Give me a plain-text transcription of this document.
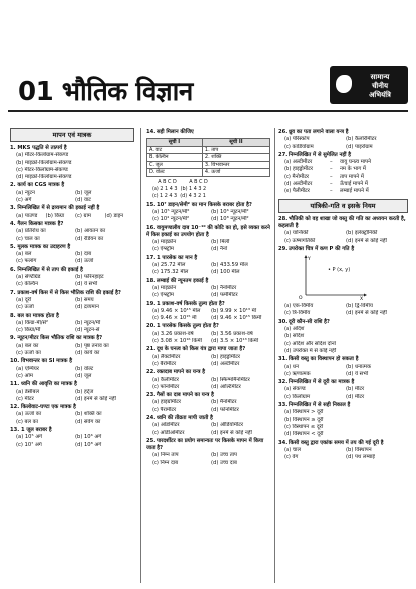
01 भौतिक विज्ञान	सामान्य
चीनीय
अभियंत्रि
मापन एवं मात्रक
1. MKS पद्धति से तात्पर्य है
(a) मीटर-किलोग्राम-सेकण्ड
(b) माइक्रो-किलोग्राम-सेकण्ड
(c) मीटर-किलोग्राम-सेकण्ड
(d) माइक्रो-किलोग्राम-सेकण्ड
2. कार्य का CGS मात्रक है
(a) न्यूटन	(b) जूल
(c) अर्ग	(d) वाट
3. निम्नलिखित में से द्रव्यमान की इकाई नहीं है
(a) पाउण्ड	(b) किग्रा	(c) ग्राम	(d) डाइन
4. गैलन किसका मात्रक है?
(a) प्रतिरोध का	(b) आयतन का
(c) चाल का	(d) रेडियन का
5. मूलक मात्रक का उदाहरण है
(a) बल	(b) दाब
(c) फलांग	(d) ऊर्जा
6. निम्नलिखित में से ताप की इकाई है
(a) सेण्टीग्रेड	(b) फॉरेनहाइट
(c) केल्विन	(d) ये सभी
7. प्रकाश-वर्ष किस में से किस भौतिक राशि की इकाई है?
(a) दूरी	(b) समय
(c) ऊर्जा	(d) द्रव्यमान
8. बल का मात्रक होता है
(a) किग्रा-मी/से²	(b) न्यूटन/मी
(c) किग्रा/मी	(d) न्यूटन-से
9. न्यूटन/मीटर किस भौतिक राशि का मात्रक है?
(a) बल का	(b) पृष्ठ तनाव का
(c) ऊर्जा का	(d) कार्य का
10. विभवान्तर का SI मात्रक है
(a) एम्पियर	(b) वोल्ट
(c) ओम	(d) जूल
11. ध्वनि की आवृत्ति का मात्रक है
(a) डेसीबल	(b) हर्ट्ज
(c) मीटर	(d) इनमें से कोई नहीं
12. किलोवाट-घण्टा एक मात्रक है
(a) ऊर्जा का	(b) शक्ति का
(c) बल का	(d) संवेग का
13. 1 जूल बराबर है
(a) 10⁵ अर्ग	(b) 10⁶ अर्ग
(c) 10⁷ अर्ग	(d) 10⁸ अर्ग
14. सही मिलान कीजिए
सूची I	सूची II
A. वाट	1. ताप
B. केल्विन	2. शक्ति
C. जूल	3. विभवान्तर
D. वोल्ट	4. ऊर्जा
A B C D        A B C D
(a) 2 1 4 3  (b) 1 4 3 2
(c) 1 2 4 3  (d) 4 3 2 1
15. 10⁷ डाइन/सेमी² का मान किसके बराबर होता है?
(a) 10⁵ न्यूटन/मी²	(b) 10⁶ न्यूटन/मी²
(c) 10⁴ न्यूटन/मी²	(d) 10⁸ न्यूटन/मी²
16. वायुमण्डलीय दाब 10⁻¹⁰ की कोटि का हो, इसे व्यक्त करने में किस इकाई का उपयोग होता है
(a) माइक्रॉन	(b) मिली
(c) ऐंग्स्ट्रॉम	(d) नैनो
17. 1 पारसेक का मान है
(a) 25.72 मील	(b) 433.59 मील
(c) 175.32 मील	(d) 100 मील
18. लम्बाई की न्यूनतम इकाई है
(a) माइक्रोन	(b) नैनोमीटर
(c) ऐंग्स्ट्रॉम	(d) फर्मीमीटर
19. 1 प्रकाश-वर्ष किसके तुल्य होता है?
(a) 9.46 × 10¹⁵ मील	(b) 9.99 × 10¹³ मी
(c) 9.46 × 10¹⁵ मी	(d) 9.46 × 10¹⁵ किमी
20. 1 पारसेक किसके तुल्य होता है?
(a) 3.26 प्रकाश-वर्ष	(b) 3.56 प्रकाश-वर्ष
(c) 3.08 × 10¹⁶ किमी	(d) 3.5 × 10¹³ किमी
21. दूध के घनत्व को किस यंत्र द्वारा मापा जाता है?
(a) लैक्टोमीटर	(b) हाइड्रोमीटर
(c) बैरोमीटर	(d) अल्टीमीटर
22. रक्तदाब मापने का यन्त्र है
(a) कैलीमीटर	(b) स्फिग्मोमैनोमीटर
(c) फोनोमीटर	(d) आल्टिमीटर
23. गैसों का दाब मापने का यन्त्र है
(a) हाइग्रोमीटर	(b) मैनोमीटर
(c) पैरामीटर	(d) फोनोमीटर
24. ध्वनि की तीव्रता मापी जाती है
(a) ओडोमीटर	(b) ऑडियोमीटर
(c) ओडीओमीटर	(d) इनमें से कोई नहीं
25. पारदर्शीटर का प्रयोग समान्यतः पर किसके मापन में किया जाता है?
(a) निम्न ताप	(b) उच्च ताप
(c) निम्न दाब	(d) उच्च दाब
26. ध्रुव का पता लगाने वाला यन्त्र है
(a) पेरिस्कोप	(b) कैलोरीमीटर
(c) कार्डियोग्राम	(d) पाइरोग्राम
27. निम्नलिखित में से सुमेलित नहीं है
(a) अल्टीमीटर	–	वायु घनत्व मापने
(b) हाइड्रोमीटर	–	नम के भाग में
(c) मैनोमीटर	–	ताप मापने में
(d) अल्टीमीटर	–	ऊँचाई मापने में
(e) पैलीमीटर	–	लम्बाई मापने में
यांत्रिकी-गति व इसके नियम
28. भौतिकी को वह शाखा जो वस्तु की गति का अध्ययन करती है, कहलाती है
(a) यान्त्रिकी	(b) इलेक्ट्रॉनिकी
(c) ऊष्मागतिकी	(d) इनमें से कोई नहीं
29. उपरोक्त चित्र में कण P की गति है
O	X
Y
• P (x, y)
(a) एक-विमीय	(b) द्वि-विमीय
(c) त्रि-विमीय	(d) इनमें से कोई नहीं
30. दूरी कौन-सी राशि है?
(a) अदिश
(b) सदिश
(c) अदिश और सदिश दोनों
(d) उपरोक्त में से कोई नहीं
31. किसी वस्तु का विस्थापन हो सकता है
(a) धन	(b) धनात्मक
(c) ऋणात्मक	(d) ये सभी
32. निम्नलिखित में से दूरी का मात्रक है
(a) सेकण्ड	(b) मीटर
(c) किलोग्राम	(d) मीटर
33. निम्नलिखित में से सही निकाल है
(a) विस्थापन > दूरी
(b) विस्थापन ≥ दूरी
(c) विस्थापन ≤ दूरी
(d) विस्थापन < दूरी
34. किसी वस्तु द्वारा एकांक समय में तय की गई दूरी है
(a) चाल	(b) विस्थापन
(c) वेग	(d) पथ लम्बाई
